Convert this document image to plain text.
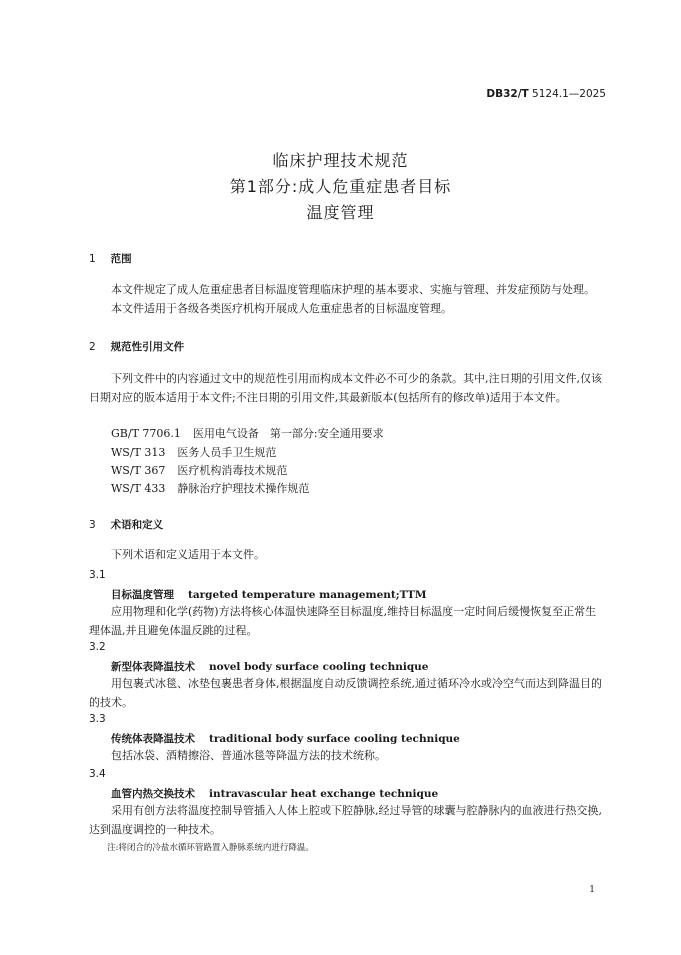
DB32/T 5124.1—2025
临床护理技术规范
第1部分:成人危重症患者目标
温度管理
1 范围
本文件规定了成人危重症患者目标温度管理临床护理的基本要求、实施与管理、并发症预防与处理。
本文件适用于各级各类医疗机构开展成人危重症患者的目标温度管理。
2 规范性引用文件
下列文件中的内容通过文中的规范性引用而构成本文件必不可少的条款。其中,注日期的引用文件,仅该日期对应的版本适用于本文件;不注日期的引用文件,其最新版本(包括所有的修改单)适用于本文件。
GB/T 7706.1 医用电气设备　第一部分:安全通用要求
WS/T 313 医务人员手卫生规范
WS/T 367 医疗机构消毒技术规范
WS/T 433 静脉治疗护理技术操作规范
3 术语和定义
下列术语和定义适用于本文件。
3.1
目标温度管理 targeted temperature management;TTM
应用物理和化学(药物)方法将核心体温快速降至目标温度,维持目标温度一定时间后缓慢恢复至正常生理体温,并且避免体温反跳的过程。
3.2
新型体表降温技术 novel body surface cooling technique
用包裹式冰毯、冰垫包裹患者身体,根据温度自动反馈调控系统,通过循环冷水或冷空气而达到降温目的的技术。
3.3
传统体表降温技术 traditional body surface cooling technique
包括冰袋、酒精擦浴、普通冰毯等降温方法的技术统称。
3.4
血管内热交换技术 intravascular heat exchange technique
采用有创方法将温度控制导管插入人体上腔或下腔静脉,经过导管的球囊与腔静脉内的血液进行热交换,达到温度调控的一种技术。
注:将闭合的冷盐水循环管路置入静脉系统内进行降温。
1
